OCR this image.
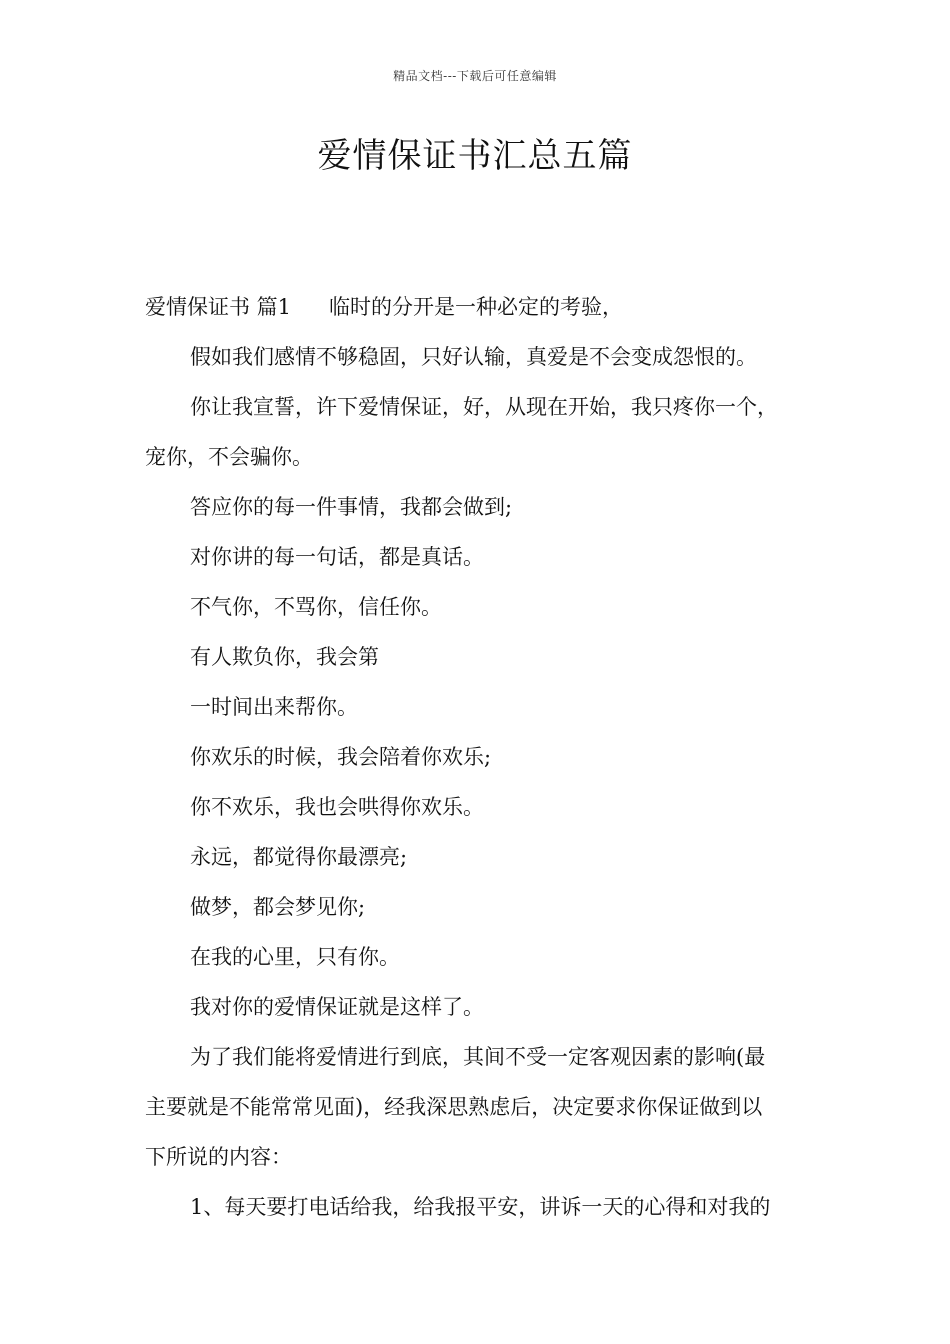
精品文档---下载后可任意编辑
爱情保证书汇总五篇

爱情保证书 篇1 临时的分开是一种必定的考验，

假如我们感情不够稳固，只好认输，真爱是不会变成怨恨的。

你让我宣誓，许下爱情保证，好，从现在开始，我只疼你一个，

宠你，不会骗你。

答应你的每一件事情，我都会做到;

对你讲的每一句话，都是真话。

不气你，不骂你，信任你。

有人欺负你，我会第

一时间出来帮你。

你欢乐的时候，我会陪着你欢乐;

你不欢乐，我也会哄得你欢乐。

永远，都觉得你最漂亮;

做梦，都会梦见你;

在我的心里，只有你。

我对你的爱情保证就是这样了。

为了我们能将爱情进行到底，其间不受一定客观因素的影响(最

主要就是不能常常见面)，经我深思熟虑后，决定要求你保证做到以

下所说的内容：

1、每天要打电话给我，给我报平安，讲诉一天的心得和对我的
